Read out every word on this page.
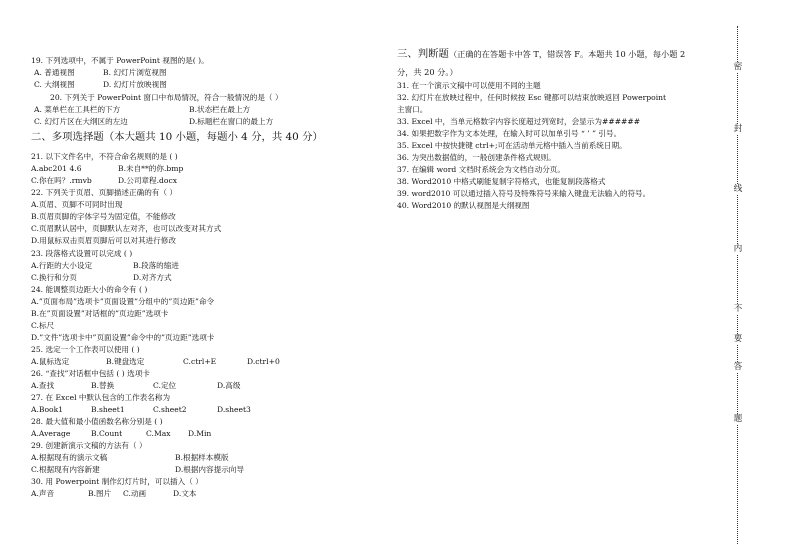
19. 下列选项中，不属于 PowerPoint 视图的是( )。
A. 普通视图	B. 幻灯片浏览视图
C. 大纲视图	D. 幻灯片放映视图
20. 下列关于 PowerPoint 窗口中布局情况，符合一般情况的是（ ）
A. 菜单栏在工具栏的下方	B.状态栏在最上方
C. 幻灯片区在大纲区的左边	D.标题栏在窗口的最上方
二、多项选择题（本大题共 10 小题，每题小 4 分，共 40 分）
21. 以下文件名中，不符合命名规则的是 ( )
A.abc201 4.6	B.未自**的你.bmp
C.你在吗？.rmvb	D.公司章程.docx
22. 下列关于页眉、页脚描述正确的有（ ）
A.页眉、页脚不可同时出现
B.页眉页脚的字体字号为固定值，不能修改
C.页眉默认居中，页脚默认左对齐，也可以改变对其方式
D.用鼠标双击页眉页脚后可以对其进行修改
23. 段落格式设置可以完成 ( )
A.行距的大小设定	B.段落的缩进
C.换行和分页	D.对齐方式
24. 能调整页边距大小的命令有 ( )
A.”页面布局”选项卡”页面设置”分组中的”页边距”命令
B.在”页面设置”对话框的”页边距”选项卡
C.标尺
D.”文件”选项卡中”页面设置”命令中的”页边距”选项卡
25. 选定一个工作表可以使用 ( )
A.鼠标选定	B.键盘选定	C.ctrl+E	D.ctrl+0
26. “查找”对话框中包括 ( ) 选项卡
A.查找	B.替换	C.定位	D.高级
27. 在 Excel 中默认包含的工作表名称为
A.Book1	B.sheet1	C.sheet2	D.sheet3
28. 最大值和最小值函数名称分别是 ( )
A.Average	B.Count	C.Max D.Min
29. 创建新演示文稿的方法有（ ）
A.根据现有的演示文稿	B.根据样本模版
C.根据现有内容新建	D.根据内容提示向导
30. 用 Powerpoint 制作幻灯片时，可以插入（ ）
A.声音	B.图片 C.动画	D.文本
三、判断题（正确的在答题卡中答 T，错误答 F。本题共 10 小题，每小题 2
分，共 20 分。）
31. 在一个演示文稿中可以使用不同的主题
32. 幻灯片在放映过程中，任何时候按 Esc 键都可以结束放映返回 Powerpoint
主窗口。
33. Excel 中，当单元格数字内容长度超过列宽时，会显示为######
34. 如果把数字作为文本处理，在输入时可以加单引号 “ ’ ” 引号。
35. Excel 中按快捷键 ctrl+;可在活动单元格中插入当前系统日期。
36. 为突出数据值的，一般创建条件格式规则。
37. 在编辑 word 文档时系统会为文档自动分页。
38. Word2010 中格式刷能复制字符格式，也能复制段落格式
39. word2010 可以通过插入符号及特殊符号来输入键盘无法输入的符号。
40. Word2010 的默认视图是大纲视图
密
封
线
内
不
要
答
题
